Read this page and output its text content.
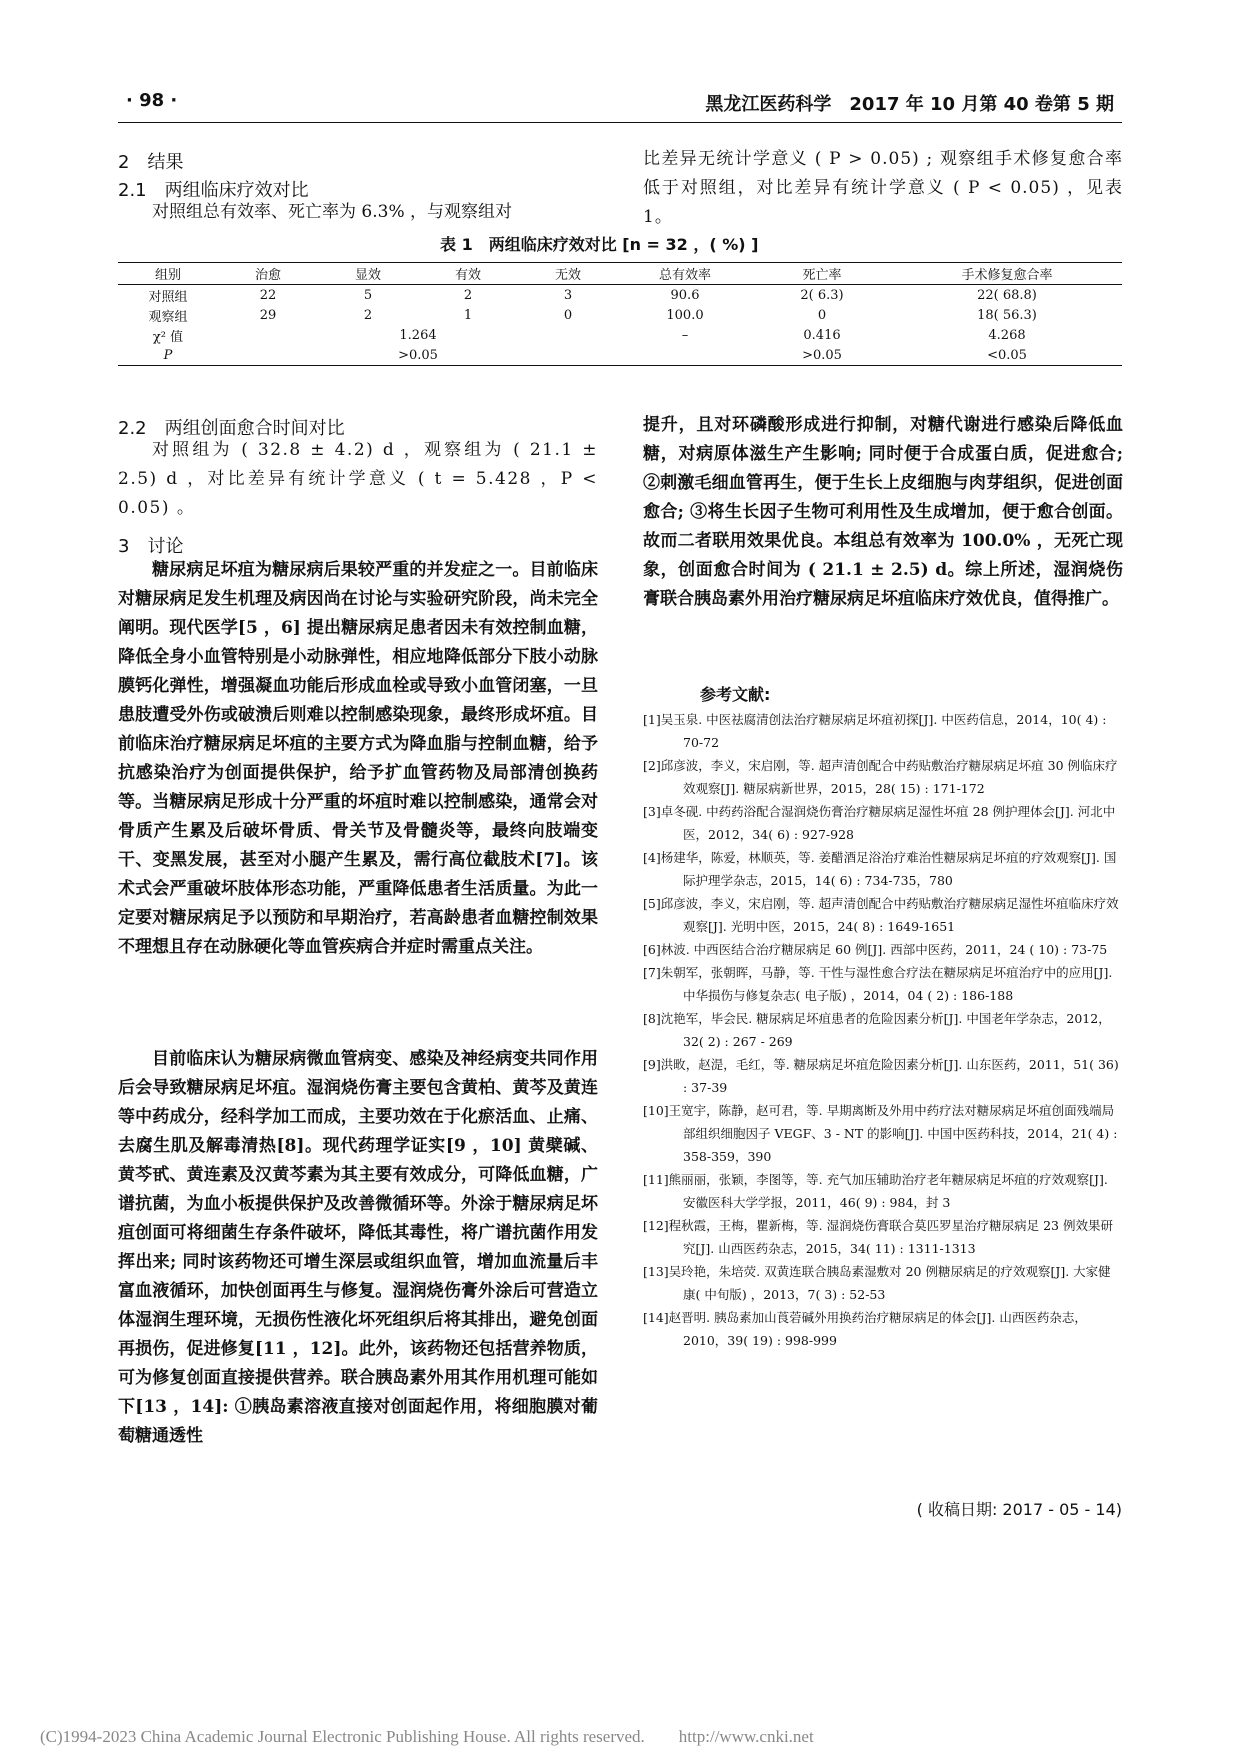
· 98 ·	黑龙江医药科学　2017 年 10 月第 40 卷第 5 期
2　结果
2.1　两组临床疗效对比

对照组总有效率、死亡率为 6.3% ，与观察组对

比差异无统计学意义 ( P > 0.05) ; 观察组手术修复愈合率低于对照组，对比差异有统计学意义 ( P < 0.05) ，见表 1。

表 1　两组临床疗效对比 [n = 32 ，( %) ]
组别	治愈	显效	有效	无效	总有效率	死亡率	手术修复愈合率
对照组	22	5	2	3	90.6	2( 6.3)	22( 68.8)
观察组	29	2	1	0	100.0	0	18( 56.3)
χ² 值	1.264				–	0.416	4.268
P	>0.05					>0.05	<0.05
2.2　两组创面愈合时间对比

对照组为 ( 32.8 ± 4.2) d ，观察组为 ( 21.1 ± 2.5) d ，对比差异有统计学意义 ( t = 5.428 ，P < 0.05) 。

3　讨论

糖尿病足坏疽为糖尿病后果较严重的并发症之一。目前临床对糖尿病足发生机理及病因尚在讨论与实验研究阶段，尚未完全阐明。现代医学[5 ，6] 提出糖尿病足患者因未有效控制血糖，降低全身小血管特别是小动脉弹性，相应地降低部分下肢小动脉膜钙化弹性，增强凝血功能后形成血栓或导致小血管闭塞，一旦患肢遭受外伤或破溃后则难以控制感染现象，最终形成坏疽。目前临床治疗糖尿病足坏疽的主要方式为降血脂与控制血糖，给予抗感染治疗为创面提供保护，给予扩血管药物及局部清创换药等。当糖尿病足形成十分严重的坏疽时难以控制感染，通常会对骨质产生累及后破坏骨质、骨关节及骨髓炎等，最终向肢端变干、变黑发展，甚至对小腿产生累及，需行高位截肢术[7]。该术式会严重破坏肢体形态功能，严重降低患者生活质量。为此一定要对糖尿病足予以预防和早期治疗，若高龄患者血糖控制效果不理想且存在动脉硬化等血管疾病合并症时需重点关注。

目前临床认为糖尿病微血管病变、感染及神经病变共同作用后会导致糖尿病足坏疽。湿润烧伤膏主要包含黄柏、黄芩及黄连等中药成分，经科学加工而成，主要功效在于化瘀活血、止痛、去腐生肌及解毒清热[8]。现代药理学证实[9 ，10] 黄檗碱、黄芩甙、黄连素及汉黄芩素为其主要有效成分，可降低血糖，广谱抗菌，为血小板提供保护及改善微循环等。外涂于糖尿病足坏疽创面可将细菌生存条件破坏，降低其毒性，将广谱抗菌作用发挥出来; 同时该药物还可增生深层或组织血管，增加血流量后丰富血液循环，加快创面再生与修复。湿润烧伤膏外涂后可营造立体湿润生理环境，无损伤性液化坏死组织后将其排出，避免创面再损伤，促进修复[11 ，12]。此外，该药物还包括营养物质，可为修复创面直接提供营养。联合胰岛素外用其作用机理可能如下[13 ，14]: ①胰岛素溶液直接对创面起作用，将细胞膜对葡萄糖通透性

提升，且对环磷酸形成进行抑制，对糖代谢进行感染后降低血糖，对病原体滋生产生影响; 同时便于合成蛋白质，促进愈合; ②刺激毛细血管再生，便于生长上皮细胞与肉芽组织，促进创面愈合; ③将生长因子生物可利用性及生成增加，便于愈合创面。故而二者联用效果优良。本组总有效率为 100.0% ，无死亡现象，创面愈合时间为 ( 21.1 ± 2.5) d。综上所述，湿润烧伤膏联合胰岛素外用治疗糖尿病足坏疽临床疗效优良，值得推广。

参考文献:
[1]吴玉泉. 中医祛腐清创法治疗糖尿病足坏疽初探[J]. 中医药信息，2014，10( 4) : 70-72
[2]邱彦波，李义，宋启刚，等. 超声清创配合中药贴敷治疗糖尿病足坏疽 30 例临床疗效观察[J]. 糖尿病新世界，2015，28( 15) : 171-172
[3]卓冬砚. 中药药浴配合湿润烧伤膏治疗糖尿病足湿性坏疽 28 例护理体会[J]. 河北中医，2012，34( 6) : 927-928
[4]杨建华，陈爱，林顺英，等. 姜醋酒足浴治疗难治性糖尿病足坏疽的疗效观察[J]. 国际护理学杂志，2015，14( 6) : 734-735，780
[5]邱彦波，李义，宋启刚，等. 超声清创配合中药贴敷治疗糖尿病足湿性坏疽临床疗效观察[J]. 光明中医，2015，24( 8) : 1649-1651
[6]林波. 中西医结合治疗糖尿病足 60 例[J]. 西部中医药，2011，24 ( 10) : 73-75
[7]朱朝军，张朝晖，马静，等. 干性与湿性愈合疗法在糖尿病足坏疽治疗中的应用[J]. 中华损伤与修复杂志( 电子版) ，2014，04 ( 2) : 186-188
[8]沈艳军，毕会民. 糖尿病足坏疽患者的危险因素分析[J]. 中国老年学杂志，2012，32( 2) : 267 - 269
[9]洪畋，赵湜，毛红，等. 糖尿病足坏疽危险因素分析[J]. 山东医药，2011，51( 36) : 37-39
[10]王宽宇，陈静，赵可君，等. 早期离断及外用中药疗法对糖尿病足坏疽创面残端局部组织细胞因子 VEGF、3 - NT 的影响[J]. 中国中医药科技，2014，21( 4) : 358-359，390
[11]熊丽丽，张颖，李图等，等. 充气加压辅助治疗老年糖尿病足坏疽的疗效观察[J]. 安徽医科大学学报，2011，46( 9) : 984，封 3
[12]程秋霞，王梅，瞿新梅，等. 湿润烧伤膏联合莫匹罗星治疗糖尿病足 23 例效果研究[J]. 山西医药杂志，2015，34( 11) : 1311-1313
[13]吴玲艳，朱培荧. 双黄连联合胰岛素湿敷对 20 例糖尿病足的疗效观察[J]. 大家健康( 中旬版) ，2013，7( 3) : 52-53
[14]赵晋明. 胰岛素加山莨菪碱外用换药治疗糖尿病足的体会[J]. 山西医药杂志，2010，39( 19) : 998-999
( 收稿日期: 2017 - 05 - 14)
(C)1994-2023 China Academic Journal Electronic Publishing House. All rights reserved.　　http://www.cnki.net
